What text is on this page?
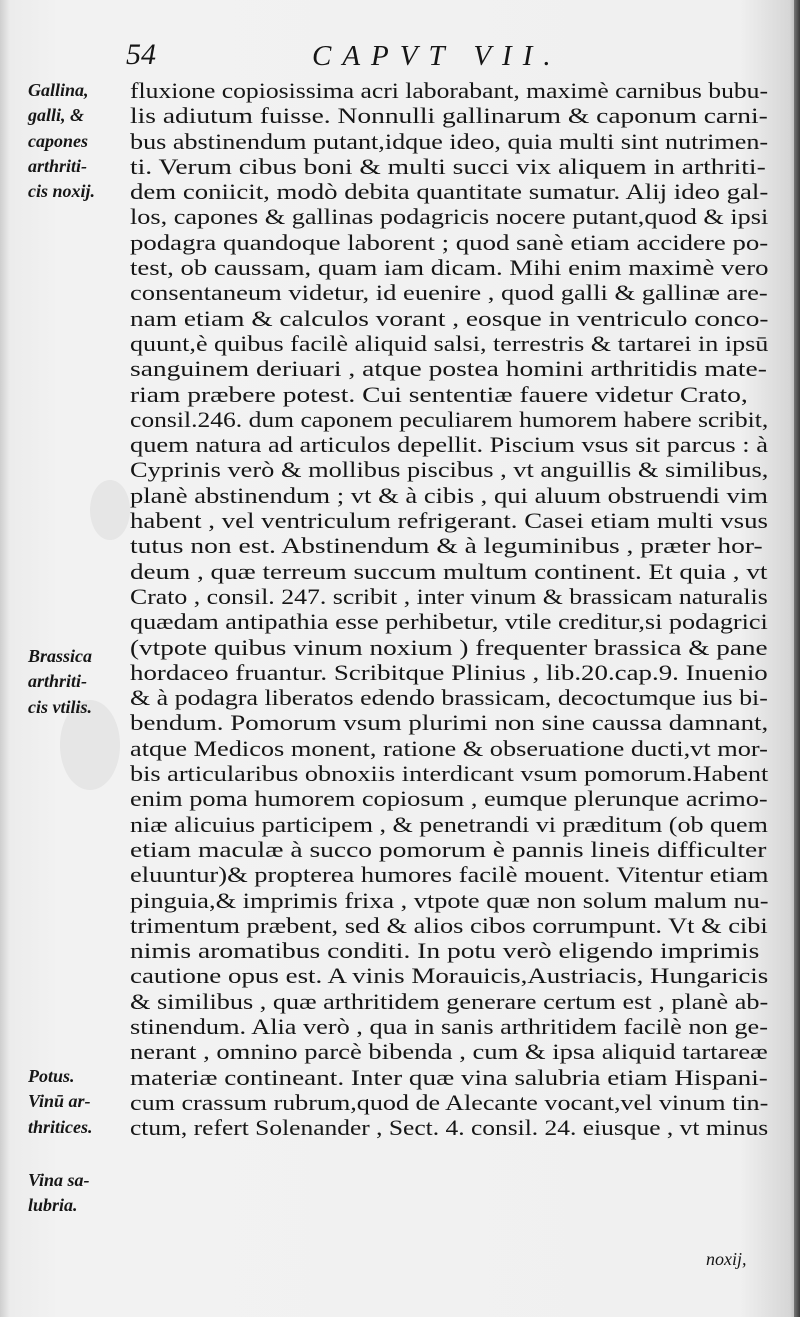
54	CAPVT VII.
Gallina,
galli, &
capones
arthriti-
cis noxij.
Brassica
arthriti-
cis vtilis.
Potus.
Vinū ar-
thritices.
Vina sa-
lubria.
fluxione copiosissima acri laborabant, maximè carnibus bubu-
lis adiutum fuisse. Nonnulli gallinarum & caponum carni-
bus abstinendum putant,idque ideo, quia multi sint nutrimen-
ti. Verum cibus boni & multi succi vix aliquem in arthriti-
dem coniicit, modò debita quantitate sumatur. Alij ideo gal-
los, capones & gallinas podagricis nocere putant,quod & ipsi
podagra quandoque laborent ; quod sanè etiam accidere po-
test, ob caussam, quam iam dicam. Mihi enim maximè vero
consentaneum videtur, id euenire , quod galli & gallinæ are-
nam etiam & calculos vorant , eosque in ventriculo conco-
quunt,è quibus facilè aliquid salsi, terrestris & tartarei in ipsū
sanguinem deriuari , atque postea homini arthritidis mate-
riam præbere potest. Cui sententiæ fauere videtur Crato,
consil.246. dum caponem peculiarem humorem habere scribit,
quem natura ad articulos depellit. Piscium vsus sit parcus : à
Cyprinis verò & mollibus piscibus , vt anguillis & similibus,
planè abstinendum ; vt & à cibis , qui aluum obstruendi vim
habent , vel ventriculum refrigerant. Casei etiam multi vsus
tutus non est. Abstinendum & à leguminibus , præter hor-
deum , quæ terreum succum multum continent. Et quia , vt
Crato , consil. 247. scribit , inter vinum & brassicam naturalis
quædam antipathia esse perhibetur, vtile creditur,si podagrici
(vtpote quibus vinum noxium ) frequenter brassica & pane
hordaceo fruantur. Scribitque Plinius , lib.20.cap.9. Inuenio
& à podagra liberatos edendo brassicam, decoctumque ius bi-
bendum. Pomorum vsum plurimi non sine caussa damnant,
atque Medicos monent, ratione & obseruatione ducti,vt mor-
bis articularibus obnoxiis interdicant vsum pomorum.Habent
enim poma humorem copiosum , eumque plerunque acrimo-
niæ alicuius participem , & penetrandi vi præditum (ob quem
etiam maculæ à succo pomorum è pannis lineis difficulter
eluuntur)& propterea humores facilè mouent. Vitentur etiam
pinguia,& imprimis frixa , vtpote quæ non solum malum nu-
trimentum præbent, sed & alios cibos corrumpunt. Vt & cibi
nimis aromatibus conditi. In potu verò eligendo imprimis
cautione opus est. A vinis Morauicis,Austriacis, Hungaricis
& similibus , quæ arthritidem generare certum est , planè ab-
stinendum. Alia verò , qua in sanis arthritidem facilè non ge-
nerant , omnino parcè bibenda , cum & ipsa aliquid tartareæ
materiæ contineant. Inter quæ vina salubria etiam Hispani-
cum crassum rubrum,quod de Alecante vocant,vel vinum tin-
ctum, refert Solenander , Sect. 4. consil. 24. eiusque , vt minus
noxij,
